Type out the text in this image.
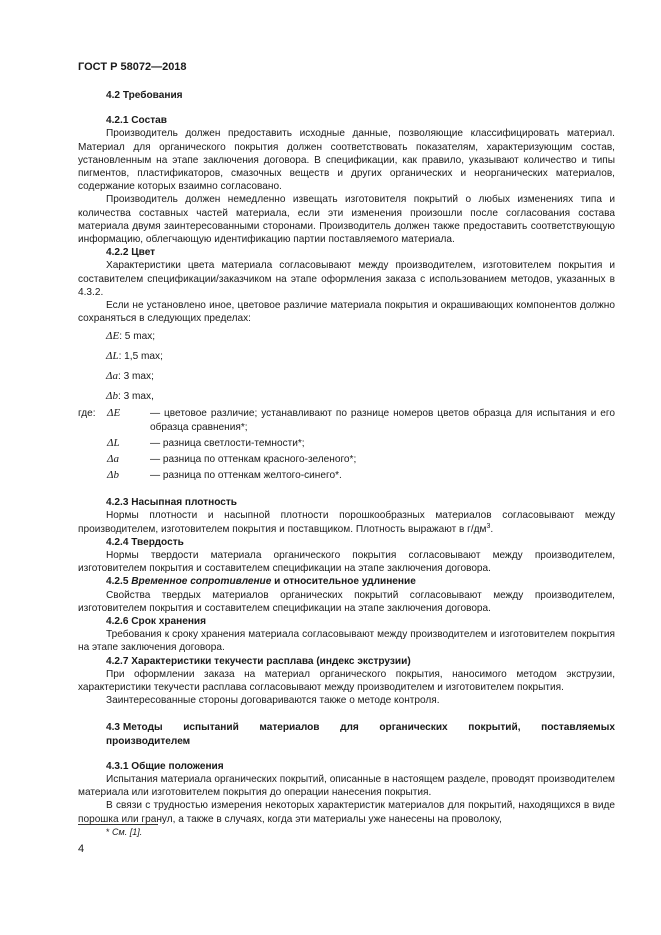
ГОСТ Р 58072—2018
4.2 Требования
4.2.1 Состав

Производитель должен предоставить исходные данные, позволяющие классифицировать материал. Материал для органического покрытия должен соответствовать показателям, характеризующим состав, установленным на этапе заключения договора. В спецификации, как правило, указывают количество и типы пигментов, пластификаторов, смазочных веществ и других органических и неорганических материалов, содержание которых взаимно согласовано.

Производитель должен немедленно извещать изготовителя покрытий о любых изменениях типа и количества составных частей материала, если эти изменения произошли после согласования состава материала двумя заинтересованными сторонами. Производитель должен также предоставить соответствующую информацию, облегчающую идентификацию партии поставляемого материала.

4.2.2 Цвет

Характеристики цвета материала согласовывают между производителем, изготовителем покрытия и составителем спецификации/заказчиком на этапе оформления заказа с использованием методов, указанных в 4.3.2.

Если не установлено иное, цветовое различие материала покрытия и окрашивающих компонентов должно сохраняться в следующих пределах:

ΔE: 5 max;
ΔL: 1,5 max;
Δa: 3 max;
Δb: 3 max,
где:	ΔE	— цветовое различие; устанавливают по разнице номеров цветов образца для испытания и его образца сравнения*;
ΔL	— разница светлости-темности*;
Δa	— разница по оттенкам красного-зеленого*;
Δb	— разница по оттенкам желтого-синего*.
4.2.3 Насыпная плотность

Нормы плотности и насыпной плотности порошкообразных материалов согласовывают между производителем, изготовителем покрытия и поставщиком. Плотность выражают в $г/дм^3$.

4.2.4 Твердость

Нормы твердости материала органического покрытия согласовывают между производителем, изготовителем покрытия и составителем спецификации на этапе заключения договора.

4.2.5 Временное сопротивление и относительное удлинение

Свойства твердых материалов органических покрытий согласовывают между производителем, изготовителем покрытия и составителем спецификации на этапе заключения договора.

4.2.6 Срок хранения

Требования к сроку хранения материала согласовывают между производителем и изготовителем покрытия на этапе заключения договора.

4.2.7 Характеристики текучести расплава (индекс экструзии)

При оформлении заказа на материал органического покрытия, наносимого методом экструзии, характеристики текучести расплава согласовывают между производителем и изготовителем покрытия.

Заинтересованные стороны договариваются также о методе контроля.

4.3 Методы испытаний материалов для органических покрытий, поставляемых
производителем
4.3.1 Общие положения

Испытания материала органических покрытий, описанные в настоящем разделе, проводят производителем материала или изготовителем покрытия до операции нанесения покрытия.

В связи с трудностью измерения некоторых характеристик материалов для покрытий, находящихся в виде порошка или гранул, а также в случаях, когда эти материалы уже нанесены на проволоку,

* См. [1].
4
